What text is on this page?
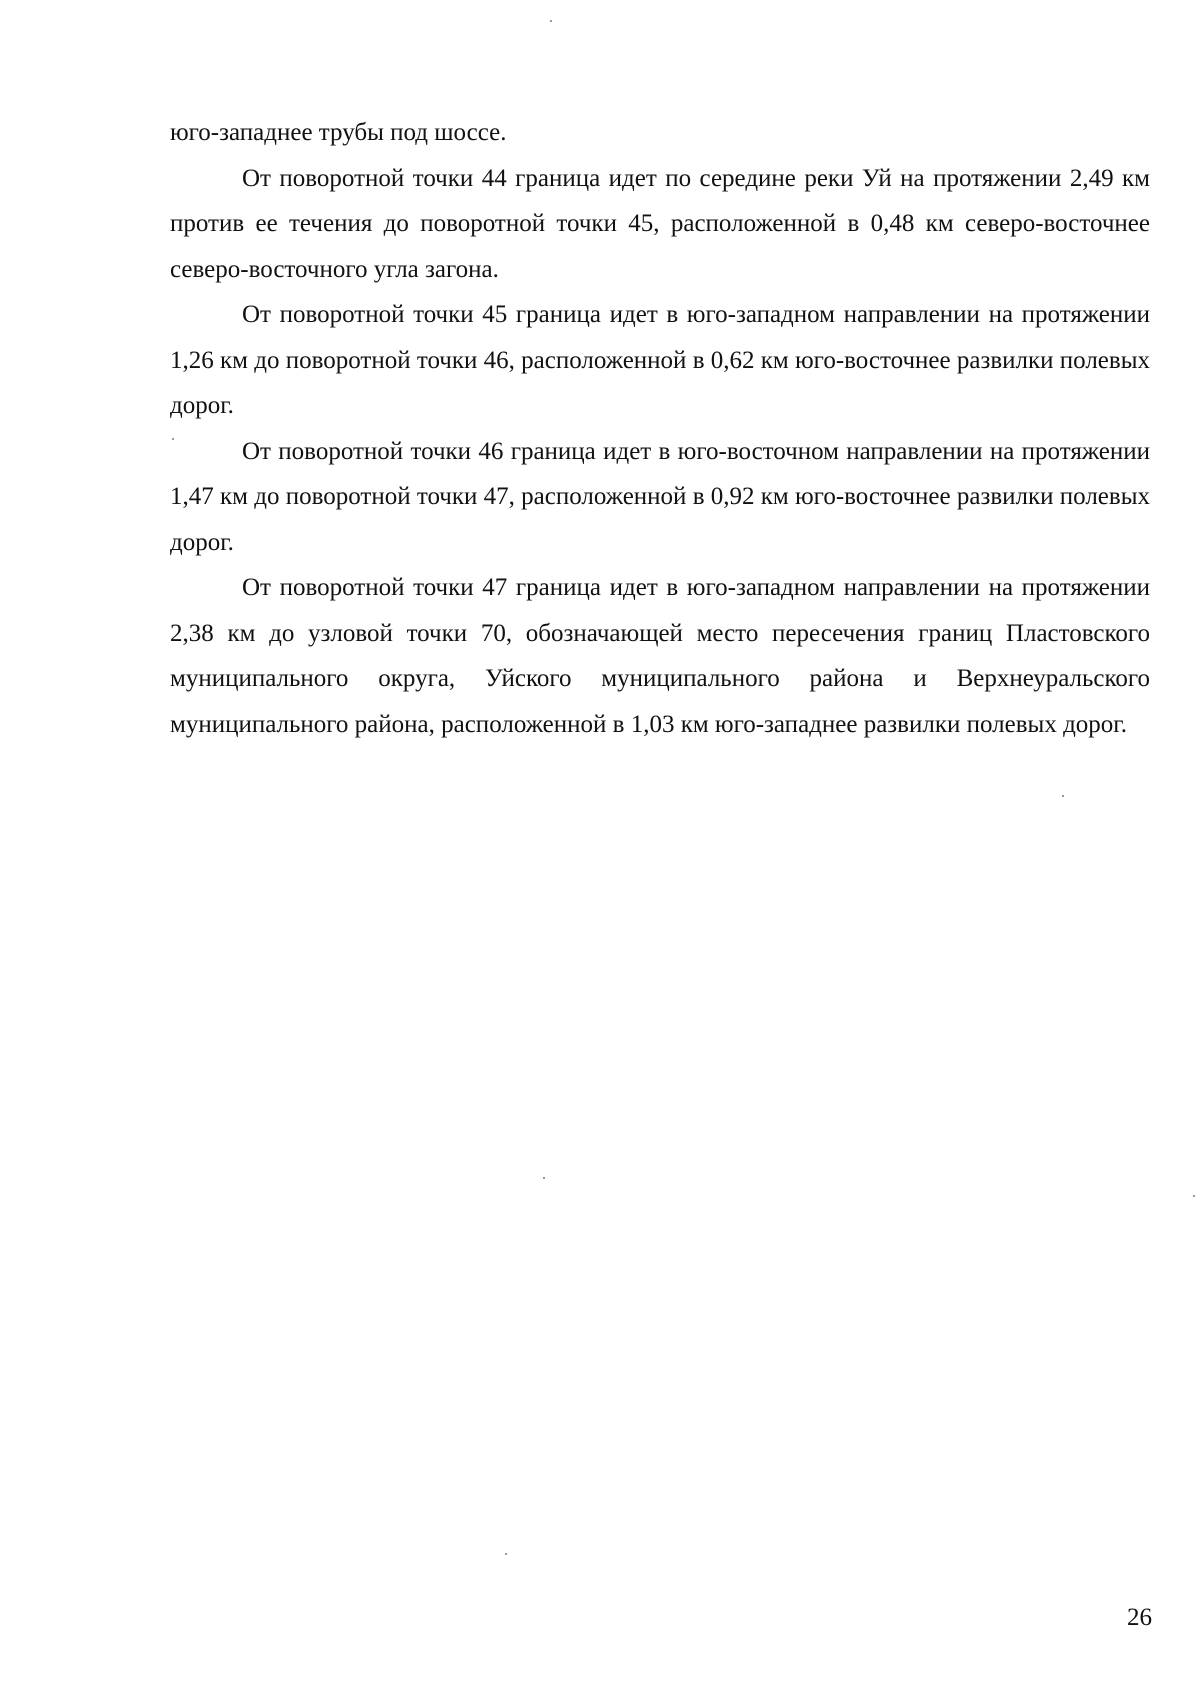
юго-западнее трубы под шоссе.

От поворотной точки 44 граница идет по середине реки Уй на протяжении 2,49 км против ее течения до поворотной точки 45, расположенной в 0,48 км северо-восточнее северо-восточного угла загона.

От поворотной точки 45 граница идет в юго-западном направлении на протяжении 1,26 км до поворотной точки 46, расположенной в 0,62 км юго-восточнее развилки полевых дорог.

От поворотной точки 46 граница идет в юго-восточном направлении на протяжении 1,47 км до поворотной точки 47, расположенной в 0,92 км юго-восточнее развилки полевых дорог.

От поворотной точки 47 граница идет в юго-западном направлении на протяжении 2,38 км до узловой точки 70, обозначающей место пересечения границ Пластовского муниципального округа, Уйского муниципального района и Верхнеуральского муниципального района, расположенной в 1,03 км юго-западнее развилки полевых дорог.

26
